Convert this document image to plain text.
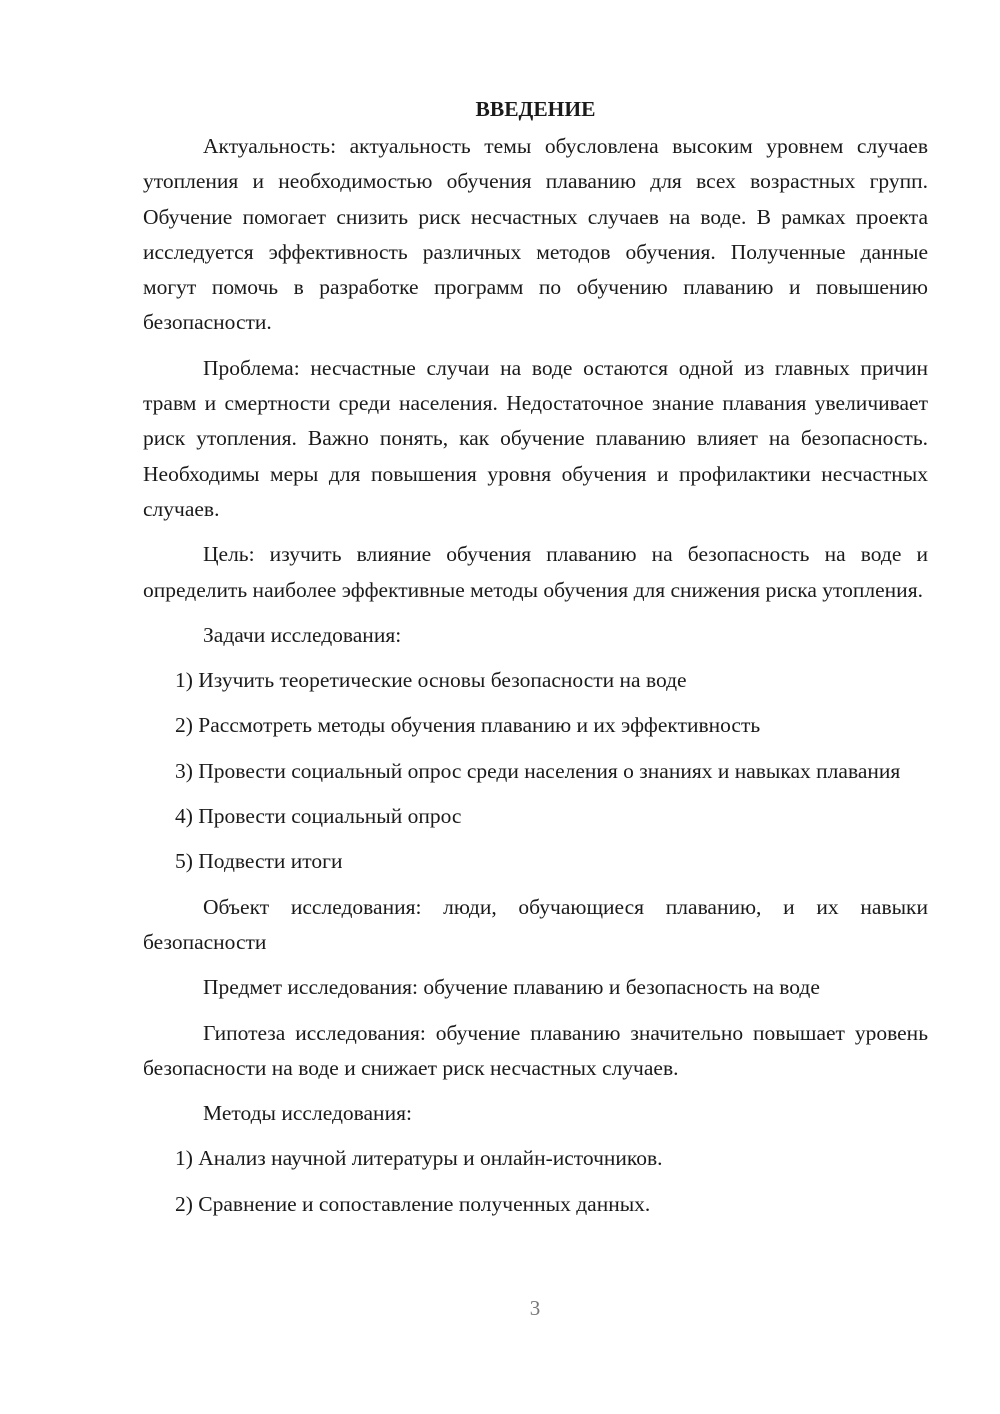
ВВЕДЕНИЕ

Актуальность: актуальность темы обусловлена высоким уровнем случаев утопления и необходимостью обучения плаванию для всех возрастных групп. Обучение помогает снизить риск несчастных случаев на воде. В рамках проекта исследуется эффективность различных методов обучения. Полученные данные могут помочь в разработке программ по обучению плаванию и повышению безопасности.

Проблема: несчастные случаи на воде остаются одной из главных причин травм и смертности среди населения. Недостаточное знание плавания увеличивает риск утопления. Важно понять, как обучение плаванию влияет на безопасность. Необходимы меры для повышения уровня обучения и профилактики несчастных случаев.

Цель: изучить влияние обучения плаванию на безопасность на воде и определить наиболее эффективные методы обучения для снижения риска утопления.

Задачи исследования:

1) Изучить теоретические основы безопасности на воде

2) Рассмотреть методы обучения плаванию и их эффективность

3) Провести социальный опрос среди населения о знаниях и навыках плавания

4) Провести социальный опрос

5) Подвести итоги

Объект исследования: люди, обучающиеся плаванию, и их навыки безопасности

Предмет исследования: обучение плаванию и безопасность на воде

Гипотеза исследования: обучение плаванию значительно повышает уровень безопасности на воде и снижает риск несчастных случаев.

Методы исследования:

1) Анализ научной литературы и онлайн-источников.

2) Сравнение и сопоставление полученных данных.

3
